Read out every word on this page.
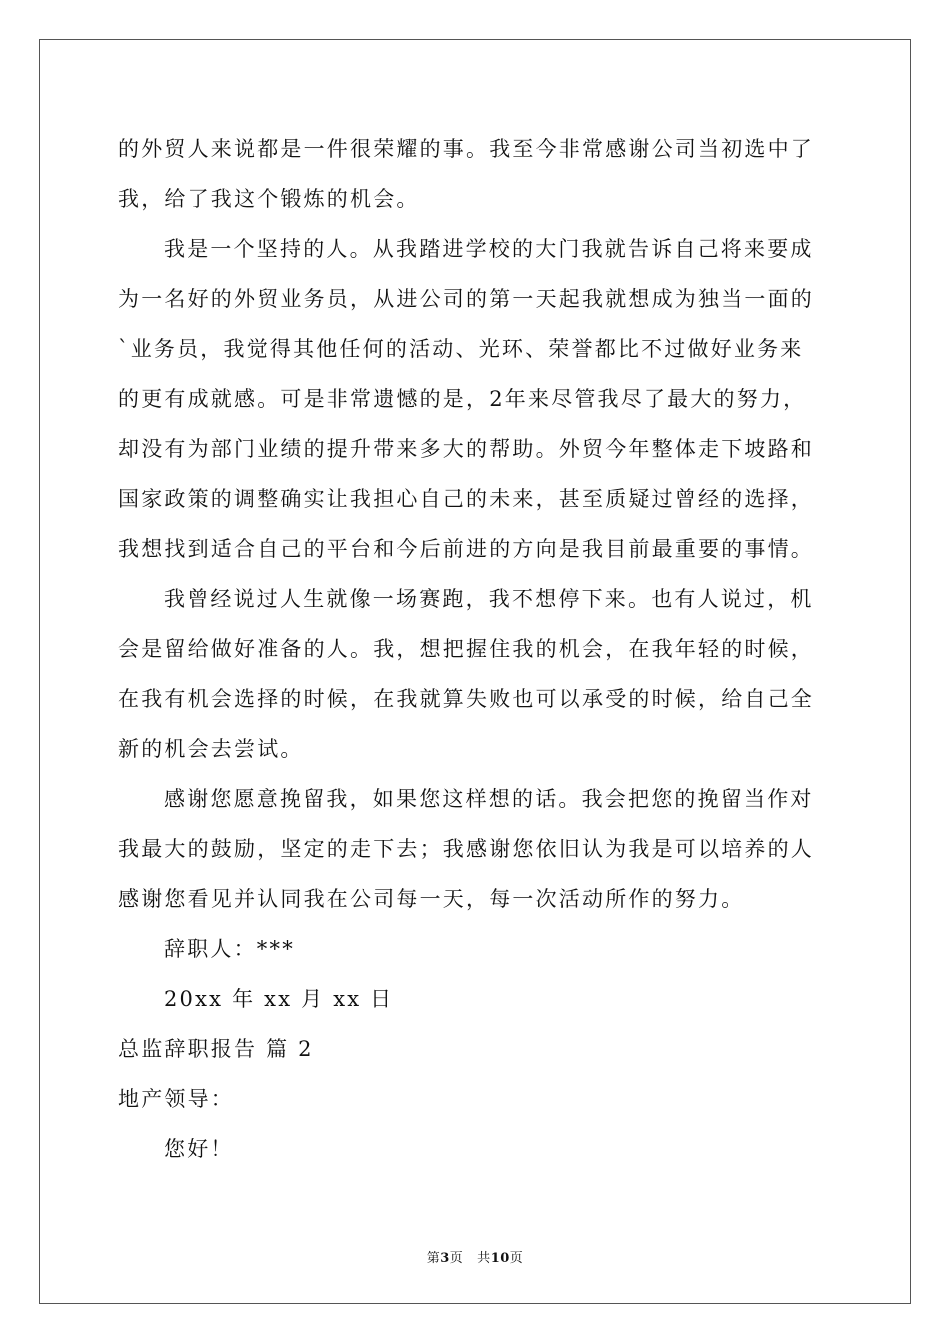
的外贸人来说都是一件很荣耀的事。我至今非常感谢公司当初选中了
我，给了我这个锻炼的机会。
我是一个坚持的人。从我踏进学校的大门我就告诉自己将来要成
为一名好的外贸业务员，从进公司的第一天起我就想成为独当一面的
`业务员，我觉得其他任何的活动、光环、荣誉都比不过做好业务来
的更有成就感。可是非常遗憾的是，2年来尽管我尽了最大的努力，
却没有为部门业绩的提升带来多大的帮助。外贸今年整体走下坡路和
国家政策的调整确实让我担心自己的未来，甚至质疑过曾经的选择，
我想找到适合自己的平台和今后前进的方向是我目前最重要的事情。
我曾经说过人生就像一场赛跑，我不想停下来。也有人说过，机
会是留给做好准备的人。我，想把握住我的机会，在我年轻的时候，
在我有机会选择的时候，在我就算失败也可以承受的时候，给自己全
新的机会去尝试。
感谢您愿意挽留我，如果您这样想的话。我会把您的挽留当作对
我最大的鼓励，坚定的走下去；我感谢您依旧认为我是可以培养的人
感谢您看见并认同我在公司每一天，每一次活动所作的努力。
辞职人：***
20xx 年 xx 月 xx 日
总监辞职报告 篇 2
地产领导：
您好！
第3页 共10页
